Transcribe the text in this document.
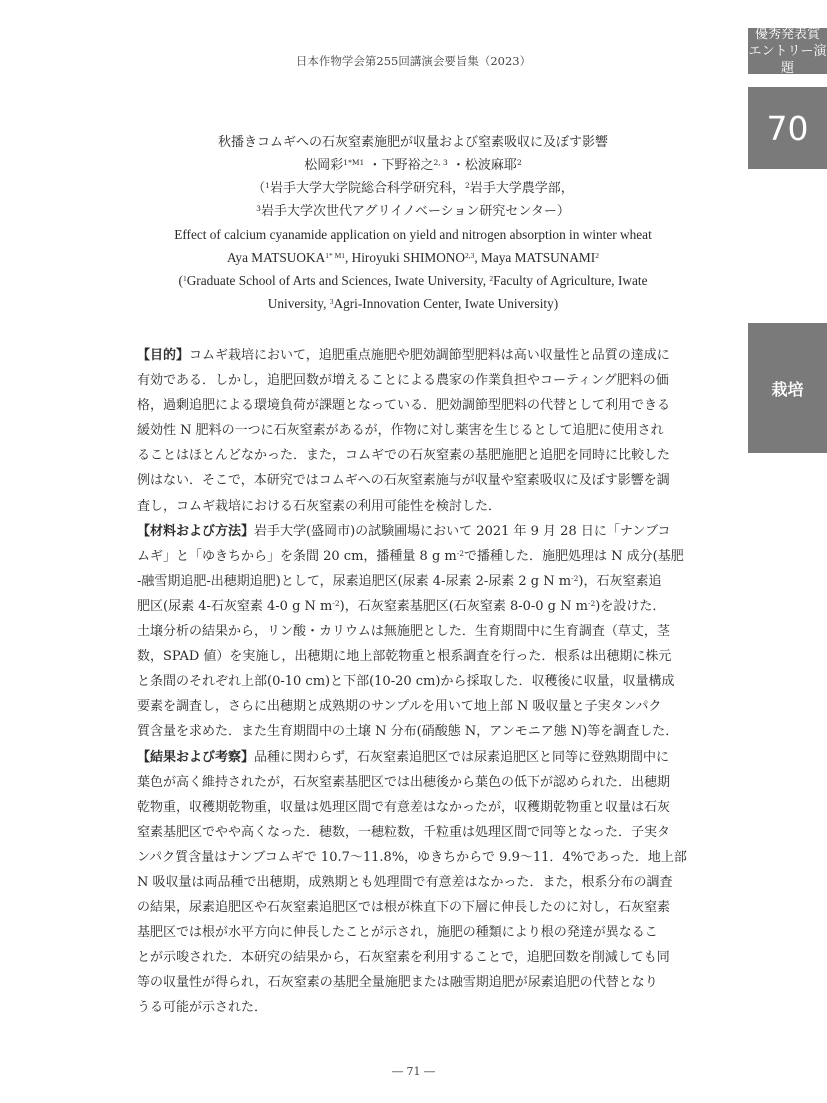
日本作物学会第255回講演会要旨集（2023）
優秀発表賞
エントリー演題
70
栽培
秋播きコムギへの石灰窒素施肥が収量および窒素吸収に及ぼす影響
松岡彩$^{1*M1}$ ・下野裕之$^{2, 3}$ ・松波麻耶$^2$
（$^1$岩手大学大学院総合科学研究科，$^2$岩手大学農学部，
$^3$岩手大学次世代アグリイノベーション研究センター）
Effect of calcium cyanamide application on yield and nitrogen absorption in winter wheat
Aya $MATSUOKA^{1* M1}$, Hiroyuki SHIMONO$^{2,3}$, Maya MATSUNAMI$^2$
($^1$Graduate School of Arts and Sciences, Iwate University, $^2$Faculty of Agriculture, Iwate
University, $^3$Agri-Innovation Center, Iwate University)
【目的】コムギ栽培において，追肥重点施肥や肥効調節型肥料は高い収量性と品質の達成に
有効である．しかし，追肥回数が増えることによる農家の作業負担やコーティング肥料の価
格，過剰追肥による環境負荷が課題となっている．肥効調節型肥料の代替として利用できる
緩効性 N 肥料の一つに石灰窒素があるが，作物に対し薬害を生じるとして追肥に使用され
ることはほとんどなかった．また，コムギでの石灰窒素の基肥施肥と追肥を同時に比較した
例はない．そこで，本研究ではコムギへの石灰窒素施与が収量や窒素吸収に及ぼす影響を調
査し，コムギ栽培における石灰窒素の利用可能性を検討した．
【材料および方法】岩手大学(盛岡市)の試験圃場において 2021 年 9 月 28 日に「ナンブコ
ムギ」と「ゆきちから」を条間 20 cm，播種量 8 g $m^{-2}$で播種した．施肥処理は N 成分(基肥
-融雪期追肥-出穂期追肥)として，尿素追肥区(尿素 4-尿素 2-尿素 2 g N $m^{-2}$)，石灰窒素追
肥区(尿素 4-石灰窒素 4-0 g N $m^{-2}$)，石灰窒素基肥区(石灰窒素 8-0-0 g N $m^{-2}$)を設けた．
土壌分析の結果から，リン酸・カリウムは無施肥とした．生育期間中に生育調査（草丈，茎
数，SPAD 値）を実施し，出穂期に地上部乾物重と根系調査を行った．根系は出穂期に株元
と条間のそれぞれ上部(0-10 cm)と下部(10-20 cm)から採取した．収穫後に収量，収量構成
要素を調査し，さらに出穂期と成熟期のサンプルを用いて地上部 N 吸収量と子実タンパク
質含量を求めた．また生育期間中の土壌 N 分布(硝酸態 N，アンモニア態 N)等を調査した．
【結果および考察】品種に関わらず，石灰窒素追肥区では尿素追肥区と同等に登熟期間中に
葉色が高く維持されたが，石灰窒素基肥区では出穂後から葉色の低下が認められた．出穂期
乾物重，収穫期乾物重，収量は処理区間で有意差はなかったが，収穫期乾物重と収量は石灰
窒素基肥区でやや高くなった．穂数，一穂粒数，千粒重は処理区間で同等となった．子実タ
ンパク質含量はナンブコムギで 10.7～11.8%，ゆきちからで 9.9～11．4%であった．地上部
N 吸収量は両品種で出穂期，成熟期とも処理間で有意差はなかった．また，根系分布の調査
の結果，尿素追肥区や石灰窒素追肥区では根が株直下の下層に伸長したのに対し，石灰窒素
基肥区では根が水平方向に伸長したことが示され，施肥の種類により根の発達が異なるこ
とが示唆された．本研究の結果から，石灰窒素を利用することで，追肥回数を削減しても同
等の収量性が得られ，石灰窒素の基肥全量施肥または融雪期追肥が尿素追肥の代替となり
うる可能が示された．
― 71 ―
